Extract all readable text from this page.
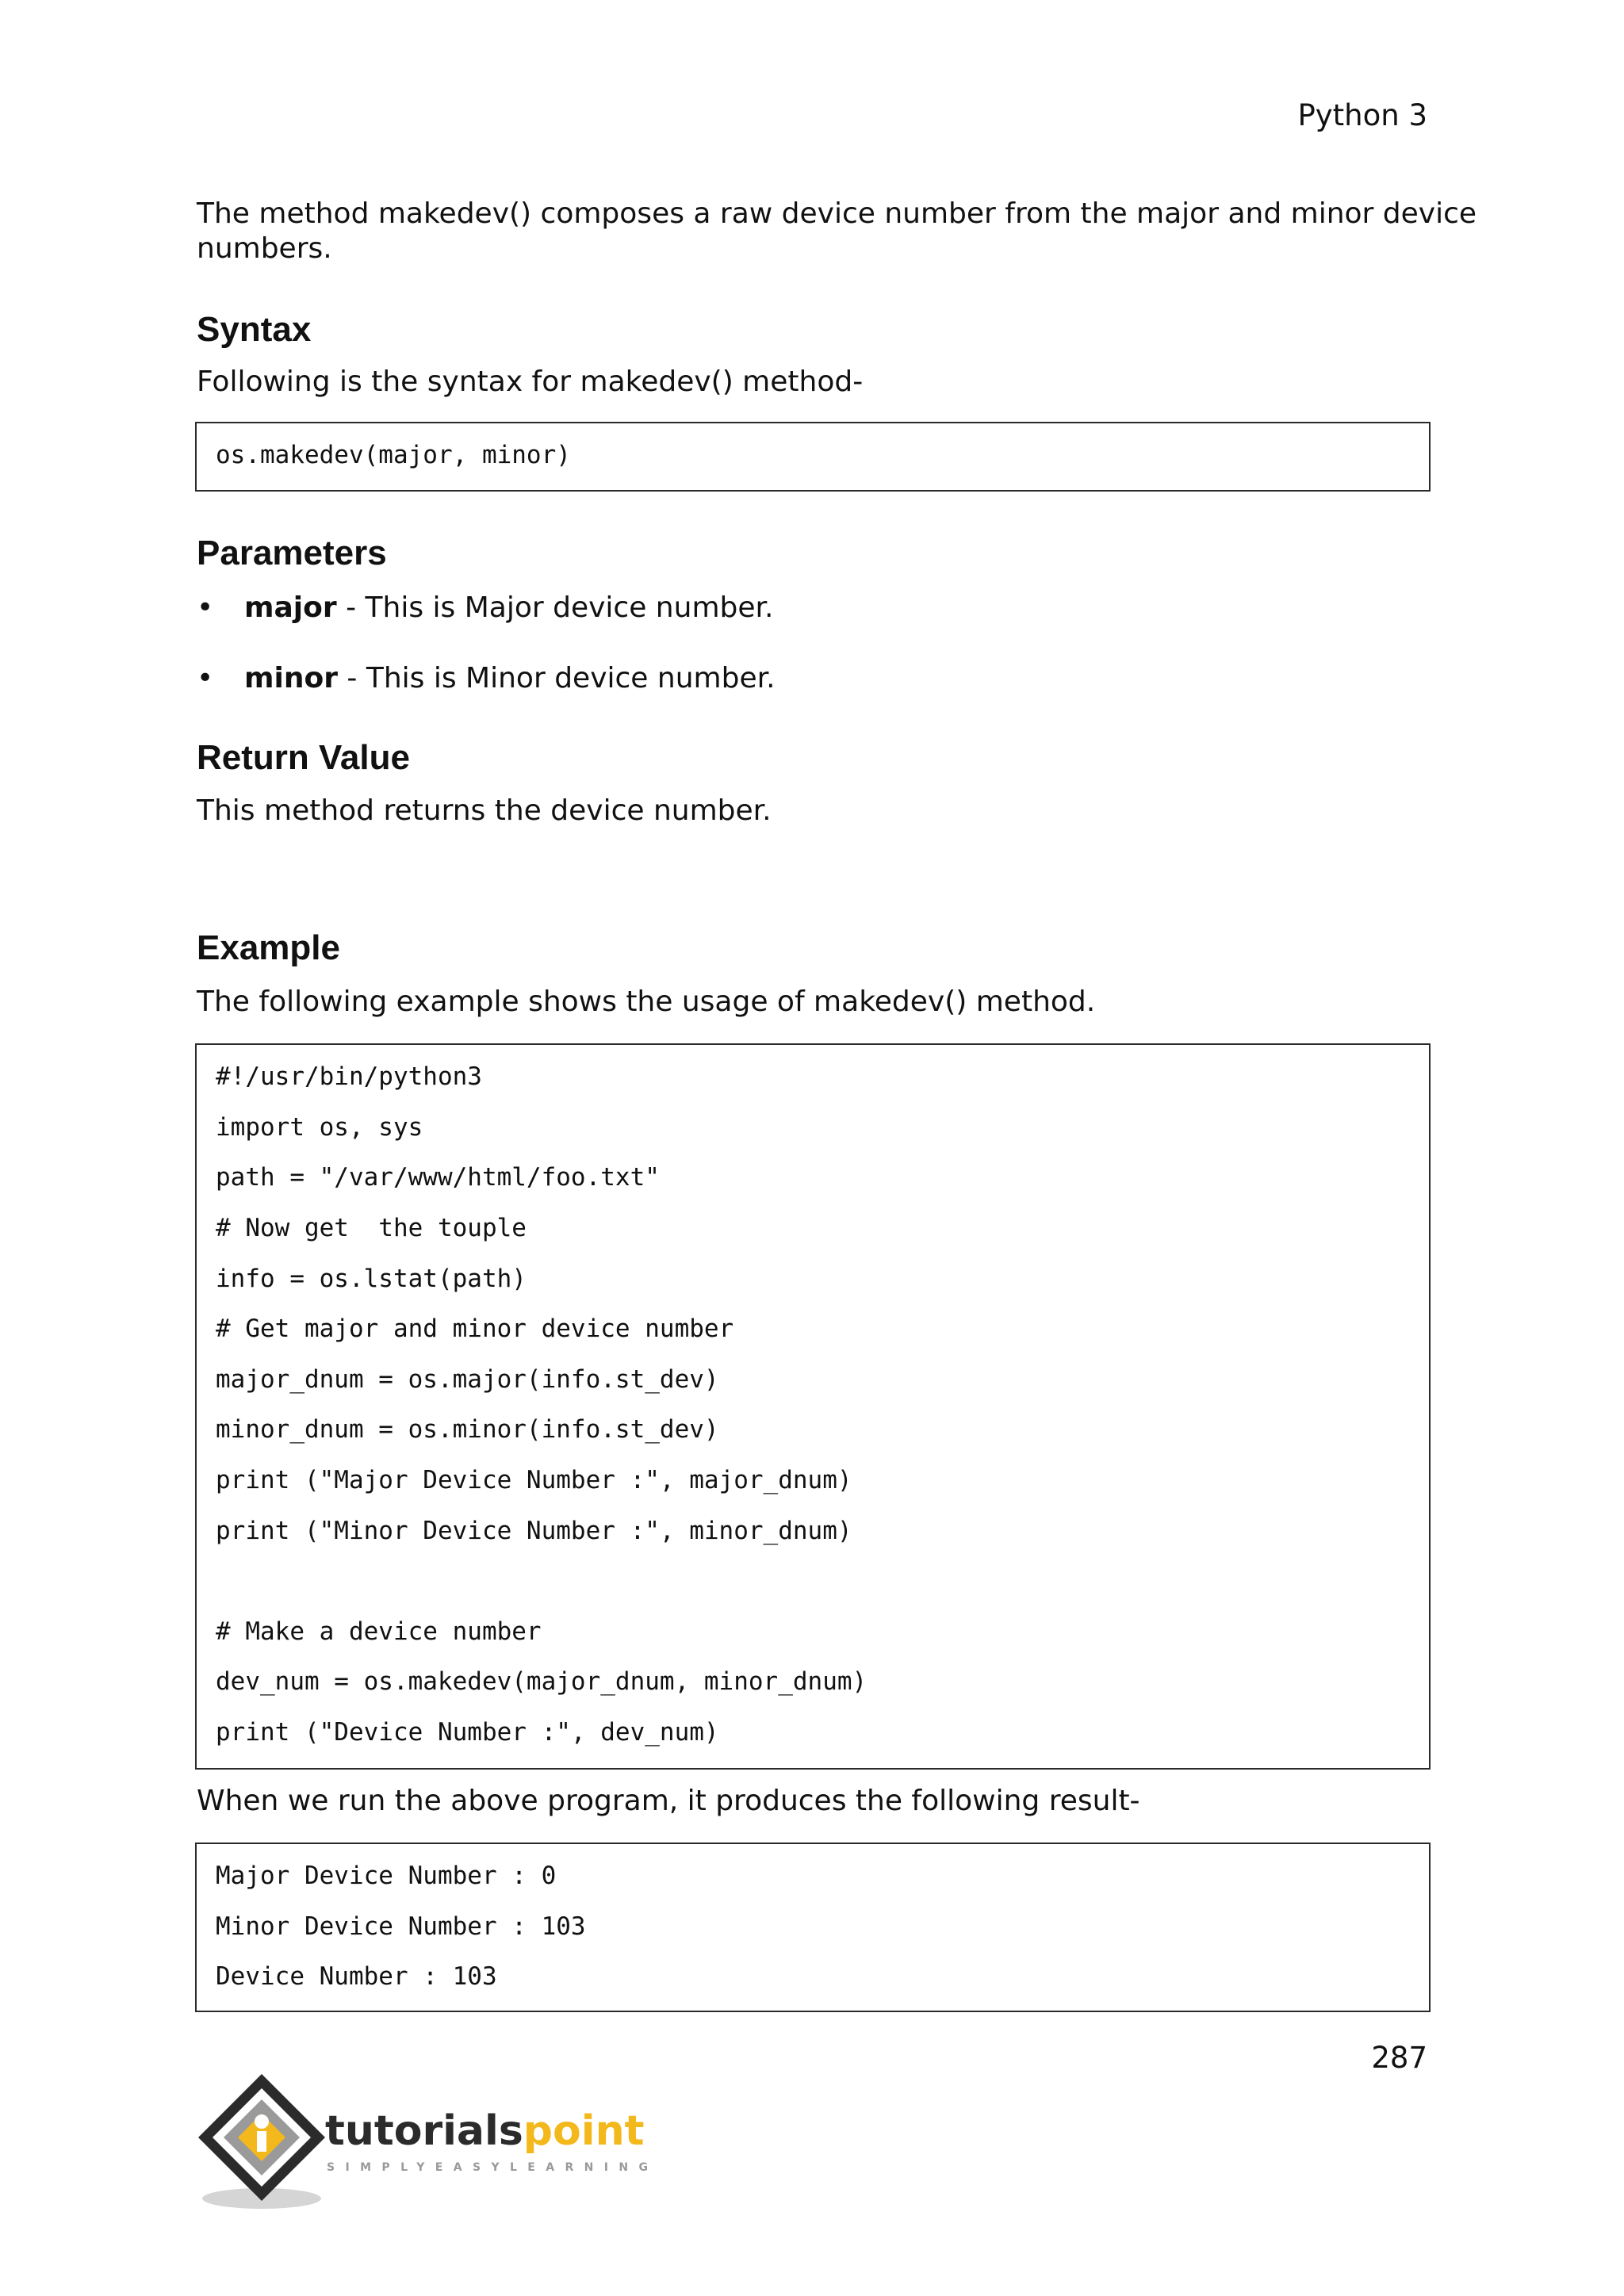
Python 3
The method makedev() composes a raw device number from the major and minor device
numbers.
Syntax
Following is the syntax for makedev() method-
os.makedev(major, minor)
Parameters
• major - This is Major device number.
• minor - This is Minor device number.
Return Value
This method returns the device number.
Example
The following example shows the usage of makedev() method.
#!/usr/bin/python3
import os, sys
path = "/var/www/html/foo.txt"
# Now get  the touple
info = os.lstat(path)
# Get major and minor device number
major_dnum = os.major(info.st_dev)
minor_dnum = os.minor(info.st_dev)
print ("Major Device Number :", major_dnum)
print ("Minor Device Number :", minor_dnum)
# Make a device number
dev_num = os.makedev(major_dnum, minor_dnum)
print ("Device Number :", dev_num)
When we run the above program, it produces the following result-
Major Device Number : 0
Minor Device Number : 103
Device Number : 103
287
tutorialspoint
SIMPLYEASYLEARNING
